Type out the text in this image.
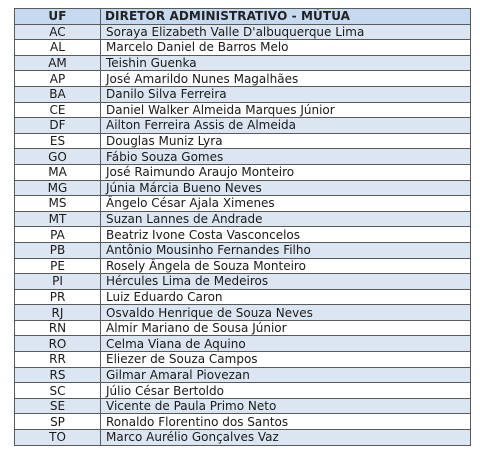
UF	DIRETOR ADMINISTRATIVO - MÚTUA
AC	Soraya Elizabeth Valle D'albuquerque Lima
AL	Marcelo Daniel de Barros Melo
AM	Teishin Guenka
AP	José Amarildo Nunes Magalhães
BA	Danilo Silva Ferreira
CE	Daniel Walker Almeida Marques Júnior
DF	Ailton Ferreira Assis de Almeida
ES	Douglas Muniz Lyra
GO	Fábio Souza Gomes
MA	José Raimundo Araujo Monteiro
MG	Júnia Márcia Bueno Neves
MS	Ângelo César Ajala Ximenes
MT	Suzan Lannes de Andrade
PA	Beatriz Ivone Costa Vasconcelos
PB	Antônio Mousinho Fernandes Filho
PE	Rosely Ângela de Souza Monteiro
PI	Hércules Lima de Medeiros
PR	Luiz Eduardo Caron
RJ	Osvaldo Henrique de Souza Neves
RN	Almir Mariano de Sousa Júnior
RO	Celma Viana de Aquino
RR	Eliezer de Souza Campos
RS	Gilmar Amaral Piovezan
SC	Júlio César Bertoldo
SE	Vicente de Paula Primo Neto
SP	Ronaldo Florentino dos Santos
TO	Marco Aurélio Gonçalves Vaz
